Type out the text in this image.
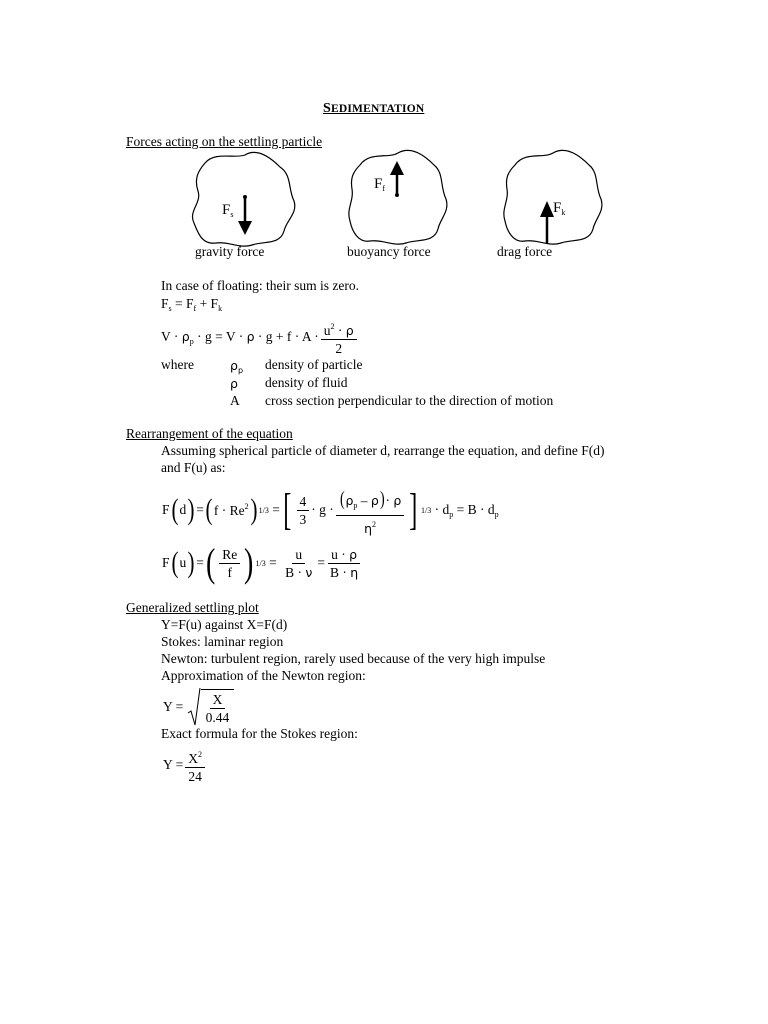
SEDIMENTATION
Forces acting on the settling particle
$F_s$
$F_f$
$F_k$
gravity force	buoyancy force	drag force
In case of floating: their sum is zero.
$F_s = F_f + F_k$
$V \cdot \rho_p \cdot g = V \cdot \rho \cdot g + f \cdot A \cdot \frac{u^2 \cdot \rho}{2}$
where	$\rho_p$ density of particle
ρ density of fluid
A cross section perpendicular to the direction of motion
Rearrangement of the equation
Assuming spherical particle of diameter d, rearrange the equation, and define F(d)
and F(u) as:
F ( d ) = ( $f \cdot Re^2$ ) 1/3 = [ $\frac{4}{3} \cdot g \cdot \frac{(\rho_p - \rho)\cdot \rho}{\eta^2}$ ] $1/3 \cdot d_p = B \cdot d_p$
F ( u ) = ( $\frac{Re}{f}$ ) $1/3 = \frac{u}{B \cdot \nu} = \frac{u \cdot \rho}{B \cdot \eta}$
Generalized settling plot
Y=F(u) against X=F(d)
Stokes: laminar region
Newton: turbulent region, rarely used because of the very high impulse
Approximation of the Newton region:
$Y = \frac{X}{0.44}$
Exact formula for the Stokes region:
$Y = \frac{X^2}{24}$
